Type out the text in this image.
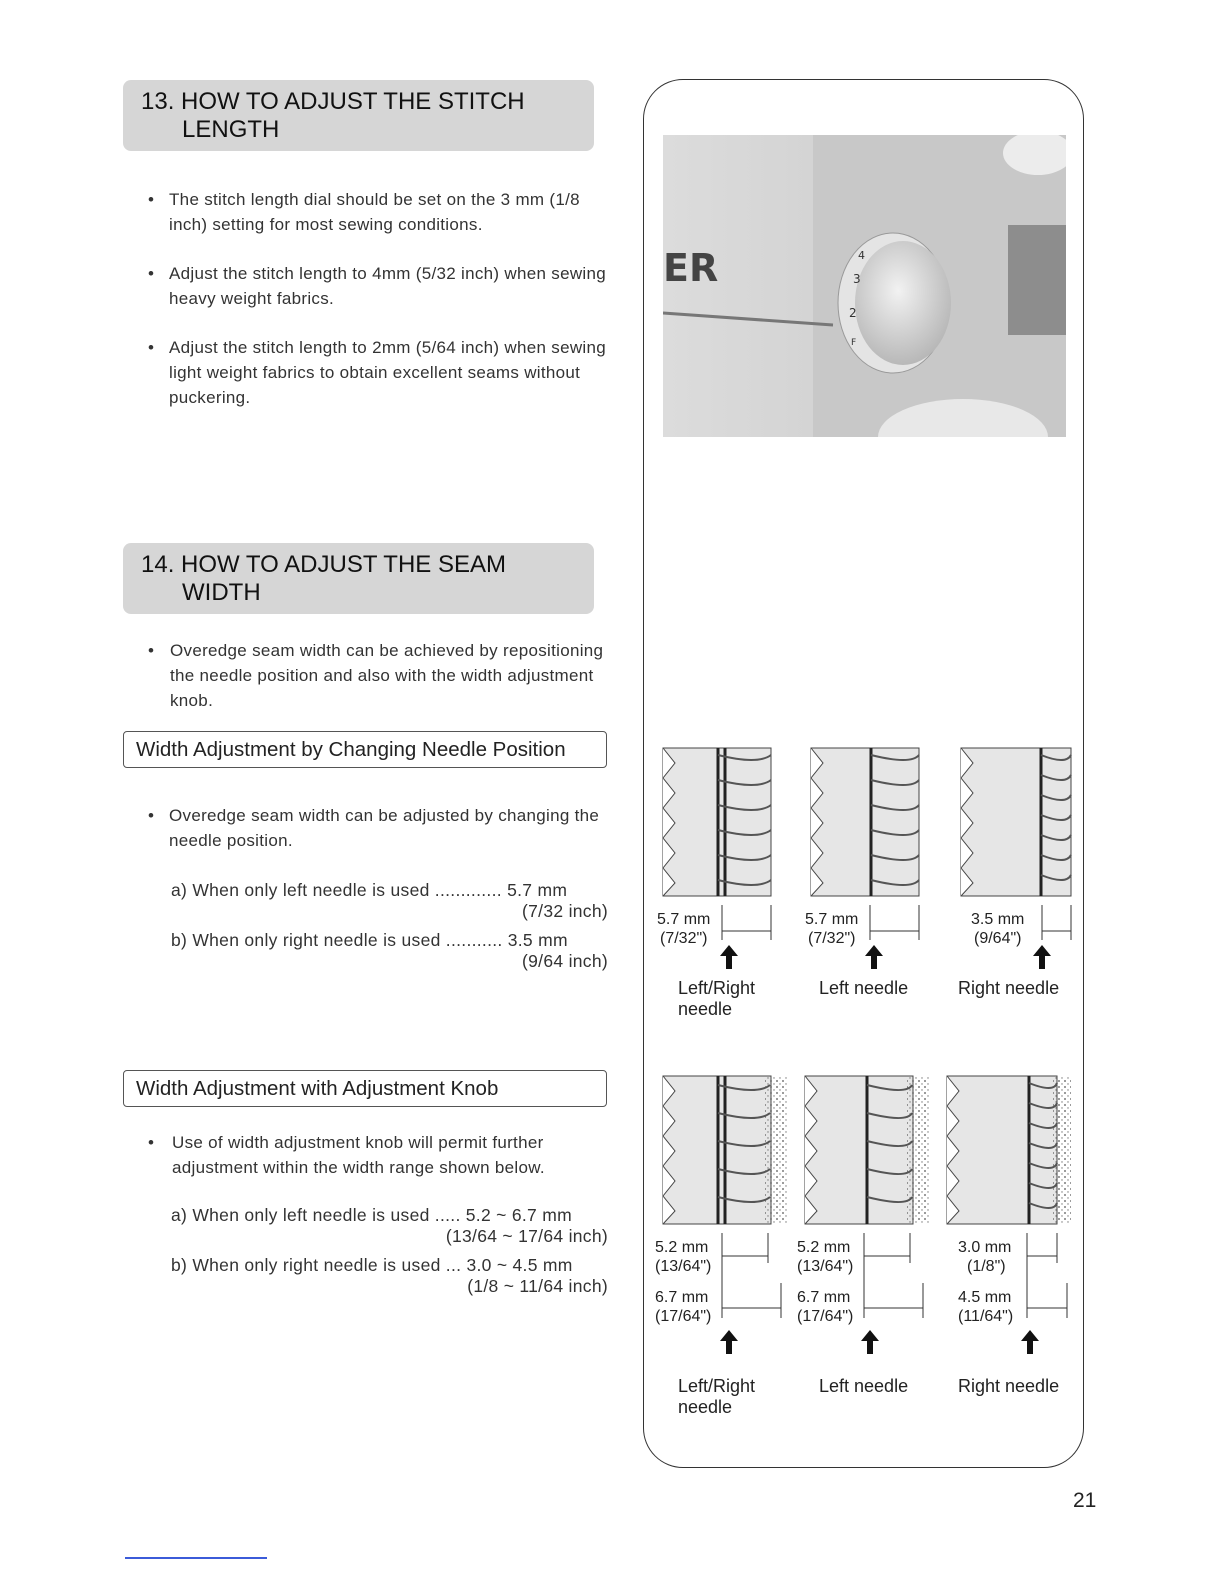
13. HOW TO ADJUST THE STITCH
LENGTH
• The stitch length dial should be set on the 3 mm (1/8 inch) setting for most sewing conditions.
• Adjust the stitch length to 4mm (5/32 inch) when sewing heavy weight fabrics.
• Adjust the stitch length to 2mm (5/64 inch) when sewing light weight fabrics to obtain excellent seams without puckering.
14. HOW TO ADJUST THE SEAM
WIDTH
• Overedge seam width can be achieved by repositioning the needle position and also with the width adjustment knob.
Width Adjustment by Changing Needle Position
• Overedge seam width can be adjusted by changing the needle position.
a) When only left needle is used ............. 5.7 mm
(7/32 inch)
b) When only right needle is used ........... 3.5 mm
(9/64 inch)
Width Adjustment with Adjustment Knob
•	Use of width adjustment knob will permit further adjustment within the width range shown below.
a) When only left needle is used ..... 5.2 ~ 6.7 mm
(13/64 ~ 17/64 inch)
b) When only right needle is used ... 3.0 ~ 4.5 mm
(1/8 ~ 11/64 inch)
4
3
2
F
ER
5.7 mm
(7/32")
5.7 mm
(7/32")
3.5 mm
(9/64")
Left/Right needle
Left needle	Right needle
5.2 mm
(13/64")
6.7 mm
(17/64")
5.2 mm
(13/64")
6.7 mm
(17/64")
3.0 mm
(1/8")
4.5 mm
(11/64")
Left/Right needle
Left needle	Right needle
21
